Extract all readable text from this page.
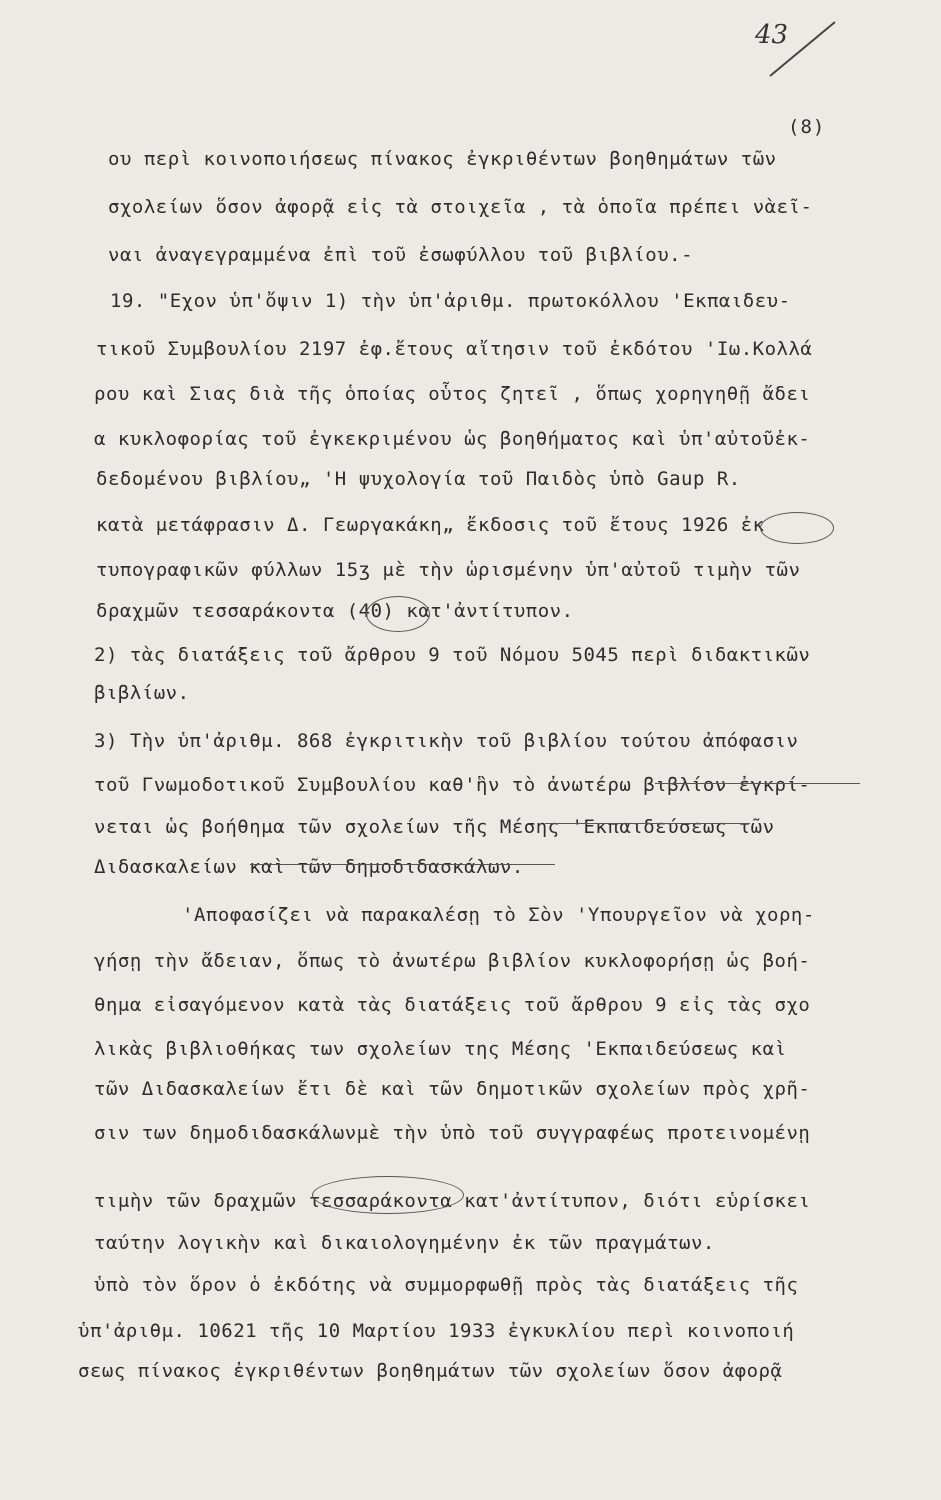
43
(8)
ου περὶ κοινοποιήσεως πίνακος ἐγκριθέντων βοηθημάτων τῶν
σχολείων ὅσον ἀφορᾷ εἰς τὰ στοιχεῖα , τὰ ὁποῖα πρέπει νὰεῖ-
ναι ἀναγεγραμμένα ἐπὶ τοῦ ἐσωφύλλου τοῦ βιβλίου.-
19. "Εχον ὑπ'ὄψιν 1) τὴν ὑπ'ἀριθμ. πρωτοκόλλου 'Εκπαιδευ-
τικοῦ Συμβουλίου 2197 ἐφ.ἔτους αἴτησιν τοῦ ἐκδότου 'Ιω.Κολλά
ρου καὶ Σιας διὰ τῆς ὁποίας οὗτος ζητεῖ , ὅπως χορηγηθῇ ἄδει
α κυκλοφορίας τοῦ ἐγκεκριμένου ὡς βοηθήματος καὶ ὑπ'αὐτοῦἐκ-
δεδομένου βιβλίου„ 'Η ψυχολογία τοῦ Παιδὸς ὑπὸ Gaup R.
κατὰ μετάφρασιν Δ. Γεωργακάκη„ ἔκδοσις τοῦ ἔτους 1926 ἐκ
τυπογραφικῶν φύλλων 15ʒ μὲ τὴν ὡρισμένην ὑπ'αὐτοῦ τιμὴν τῶν
δραχμῶν τεσσαράκοντα (40) κατ'ἀντίτυπον.
2) τὰς διατάξεις τοῦ ἄρθρου 9 τοῦ Νόμου 5045 περὶ διδακτικῶν
βιβλίων.
3) Τὴν ὑπ'ἀριθμ. 868 ἐγκριτικὴν τοῦ βιβλίου τούτου ἀπόφασιν
τοῦ Γνωμοδοτικοῦ Συμβουλίου καθ'ἣν τὸ ἀνωτέρω βιβλίον ἐγκρί-
νεται ὡς βοήθημα τῶν σχολείων τῆς Μέσης 'Εκπαιδεύσεως τῶν
Διδασκαλείων καὶ τῶν δημοδιδασκάλων.
'Αποφασίζει νὰ παρακαλέσῃ τὸ Σὸν 'Υπουργεῖον νὰ χορη-
γήσῃ τὴν ἄδειαν, ὅπως τὸ ἀνωτέρω βιβλίον κυκλοφορήσῃ ὡς βοή-
θημα εἰσαγόμενον κατὰ τὰς διατάξεις τοῦ ἄρθρου 9 εἰς τὰς σχο
λικὰς βιβλιοθήκας των σχολείων της Μέσης 'Εκπαιδεύσεως καὶ
τῶν Διδασκαλείων ἔτι δὲ καὶ τῶν δημοτικῶν σχολείων πρὸς χρῆ-
σιν των δημοδιδασκάλωνμὲ τὴν ὑπὸ τοῦ συγγραφέως προτεινομένῃ
τιμὴν τῶν δραχμῶν τεσσαράκοντα κατ'ἀντίτυπον, διότι εὑρίσκει
ταύτην λογικὴν καὶ δικαιολογημένην ἐκ τῶν πραγμάτων.
ὑπὸ τὸν ὅρον ὁ ἐκδότης νὰ συμμορφωθῇ πρὸς τὰς διατάξεις τῆς
ὑπ'ἀριθμ. 10621 τῆς 10 Μαρτίου 1933 ἐγκυκλίου περὶ κοινοποιή
σεως πίνακος ἐγκριθέντων βοηθημάτων τῶν σχολείων ὅσον ἀφορᾷ
